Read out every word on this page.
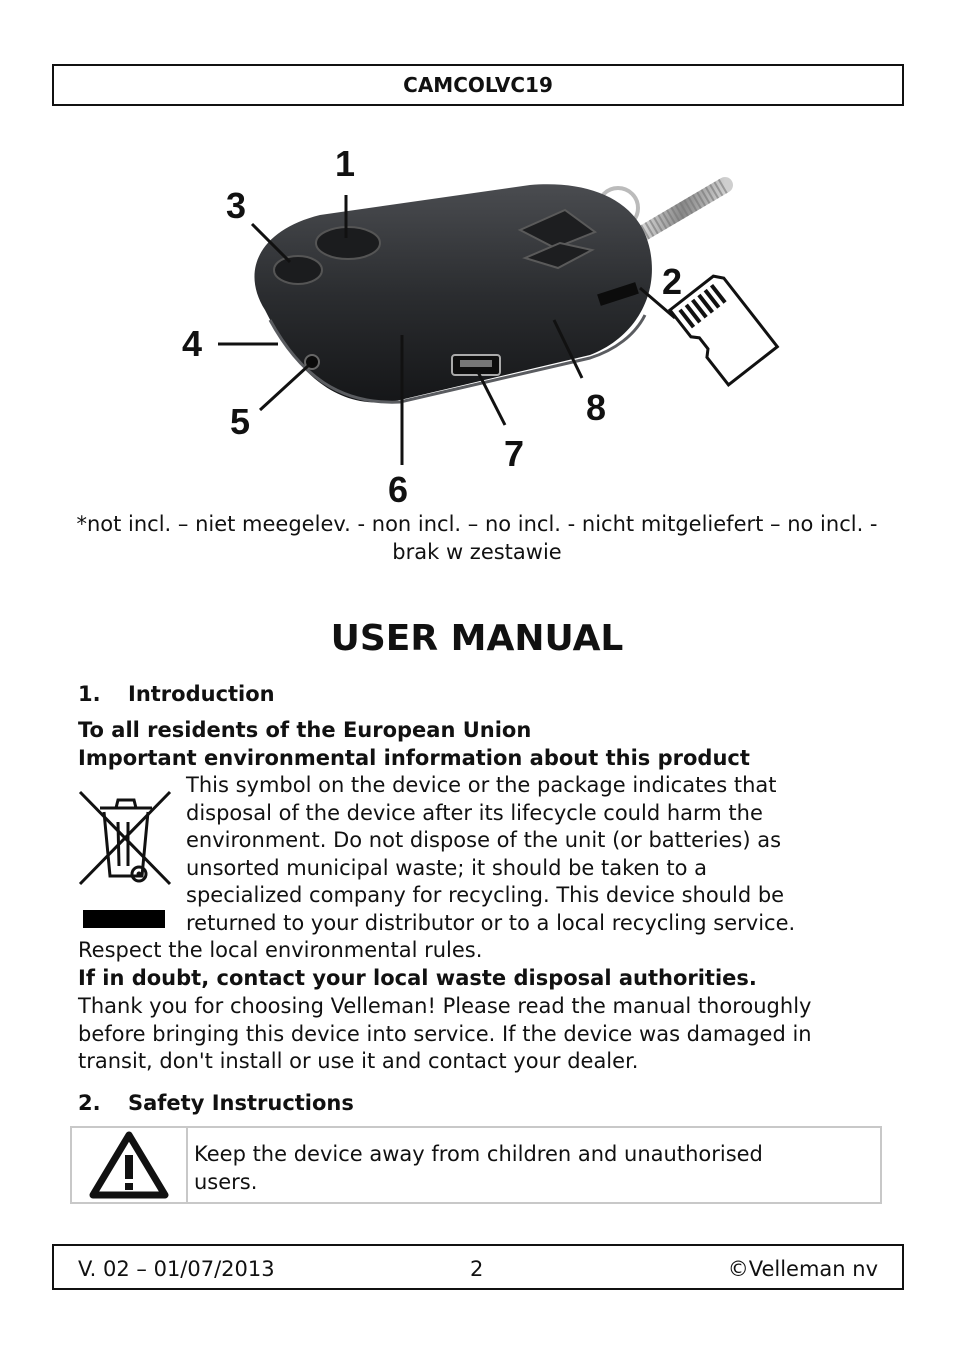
CAMCOLVC19
1
2
3
4
5
6
7
8
*not incl. – niet meegelev. - non incl. – no incl. - nicht mitgeliefert – no incl. - brak w zestawie
USER MANUAL
1. Introduction
To all residents of the European Union
Important environmental information about this product
This symbol on the device or the package indicates that
disposal of the device after its lifecycle could harm the
environment. Do not dispose of the unit (or batteries) as
unsorted municipal waste; it should be taken to a
specialized company for recycling. This device should be
returned to your distributor or to a local recycling service.
Respect the local environmental rules.
If in doubt, contact your local waste disposal authorities.
Thank you for choosing Velleman! Please read the manual thoroughly
before bringing this device into service. If the device was damaged in
transit, don't install or use it and contact your dealer.
2. Safety Instructions
Keep the device away from children and unauthorised
users.
V. 02 – 01/07/2013	2	©Velleman nv
